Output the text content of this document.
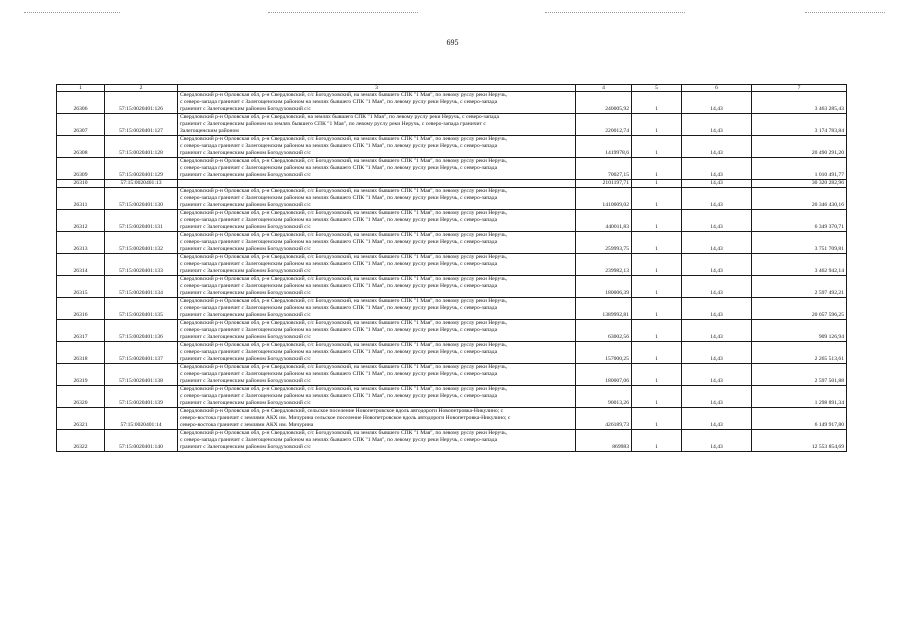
695
1	2	3	4	5	6	7
26306	57:15:0020401:126	Свердловский р-н Орловская обл, р-н Свердловский, с/с Богодуховский, на землях бывшего СПК "1 Мая", по левому руслу реки Неручь,
с северо-запада граничит с Залегощенским районом на землях бывшего СПК "1 Мая", по левому руслу реки Неручь, с северо-запада
граничит с Залегощенским районом Богодуховский с/с	240005,92	1	14,43	3 463 285,43
26307	57:15:0020401:127	Свердловский р-н Орловская обл, р-н Свердловский, на землях бывшего СПК "1 Мая", по левому руслу реки Неручь, с северо-запада
граничит с Залегощенским районом на землях бывшего СПК "1 Мая", по левому руслу реки Неручь, с северо-запада граничит с
Залегощенским районом	220012,74	1	14,43	3 174 783,84
26308	57:15:0020401:128	Свердловский р-н Орловская обл, р-н Свердловский, с/с Богодуховский, на землях бывшего СПК "1 Мая", по левому руслу реки Неручь,
с северо-запада граничит с Залегощенским районом на землях бывшего СПК "1 Мая", по левому руслу реки Неручь, с северо-запада
граничит с Залегощенским районом Богодуховский с/с	1419978,6	1	14,43	20 490 291,20
26309	57:15:0020401:129	Свердловский р-н Орловская обл, р-н Свердловский, с/с Богодуховский, на землях бывшего СПК "1 Мая", по левому руслу реки Неручь,
с северо-запада граничит с Залегощенским районом на землях бывшего СПК "1 Мая", по левому руслу реки Неручь, с северо-запада
граничит с Залегощенским районом Богодуховский с/с	70027,15	1	14,43	1 010 491,77
26310	57:15:0020401:13		2101197,71	1	14,43	30 320 282,96
26311	57:15:0020401:130	Свердловский р-н Орловская обл, р-н Свердловский, с/с Богодуховский, на землях бывшего СПК "1 Мая", по левому руслу реки Неручь,
с северо-запада граничит с Залегощенским районом на землях бывшего СПК "1 Мая", по левому руслу реки Неручь, с северо-запада
граничит с Залегощенским районом Богодуховский с/с	1410009,02	1	14,43	20 346 430,16
26312	57:15:0020401:131	Свердловский р-н Орловская обл, р-н Свердловский, с/с Богодуховский, на землях бывшего СПК "1 Мая", по левому руслу реки Неручь,
с северо-запада граничит с Залегощенским районом на землях бывшего СПК "1 Мая", по левому руслу реки Неручь, с северо-запада
граничит с Залегощенским районом Богодуховский с/с	440011,83	1	14,43	6 349 370,71
26313	57:15:0020401:132	Свердловский р-н Орловская обл, р-н Свердловский, с/с Богодуховский, на землях бывшего СПК "1 Мая", по левому руслу реки Неручь,
с северо-запада граничит с Залегощенским районом на землях бывшего СПК "1 Мая", по левому руслу реки Неручь, с северо-запада
граничит с Залегощенским районом Богодуховский с/с	259993,75	1	14,43	3 751 709,81
26314	57:15:0020401:133	Свердловский р-н Орловская обл, р-н Свердловский, с/с Богодуховский, на землях бывшего СПК "1 Мая", по левому руслу реки Неручь,
с северо-запада граничит с Залегощенским районом на землях бывшего СПК "1 Мая", по левому руслу реки Неручь, с северо-запада
граничит с Залегощенским районом Богодуховский с/с	239982,13	1	14,43	3 462 942,14
26315	57:15:0020401:134	Свердловский р-н Орловская обл, р-н Свердловский, с/с Богодуховский, на землях бывшего СПК "1 Мая", по левому руслу реки Неручь,
с северо-запада граничит с Залегощенским районом на землях бывшего СПК "1 Мая", по левому руслу реки Неручь, с северо-запада
граничит с Залегощенским районом Богодуховский с/с	180006,39	1	14,43	2 597 492,21
26316	57:15:0020401:135	Свердловский р-н Орловская обл, р-н Свердловский, с/с Богодуховский, на землях бывшего СПК "1 Мая", по левому руслу реки Неручь,
с северо-запада граничит с Залегощенским районом на землях бывшего СПК "1 Мая", по левому руслу реки Неручь, с северо-запада
граничит с Залегощенским районом Богодуховский с/с	1389992,81	1	14,43	20 057 596,25
26317	57:15:0020401:136	Свердловский р-н Орловская обл, р-н Свердловский, с/с Богодуховский, на землях бывшего СПК "1 Мая", по левому руслу реки Неручь,
с северо-запада граничит с Залегощенским районом на землях бывшего СПК "1 Мая", по левому руслу реки Неручь, с северо-запада
граничит с Залегощенским районом Богодуховский с/с	63002,56	1	14,43	909 126,94
26318	57:15:0020401:137	Свердловский р-н Орловская обл, р-н Свердловский, с/с Богодуховский, на землях бывшего СПК "1 Мая", по левому руслу реки Неручь,
с северо-запада граничит с Залегощенским районом на землях бывшего СПК "1 Мая", по левому руслу реки Неручь, с северо-запада
граничит с Залегощенским районом Богодуховский с/с	157000,25	1	14,43	2 265 513,61
26319	57:15:0020401:138	Свердловский р-н Орловская обл, р-н Свердловский, с/с Богодуховский, на землях бывшего СПК "1 Мая", по левому руслу реки Неручь,
с северо-запада граничит с Залегощенским районом на землях бывшего СПК "1 Мая", по левому руслу реки Неручь, с северо-запада
граничит с Залегощенским районом Богодуховский с/с	180007,06	1	14,43	2 597 501,88
26320	57:15:0020401:139	Свердловский р-н Орловская обл, р-н Свердловский, с/с Богодуховский, на землях бывшего СПК "1 Мая", по левому руслу реки Неручь,
с северо-запада граничит с Залегощенским районом на землях бывшего СПК "1 Мая", по левому руслу реки Неручь, с северо-запада
граничит с Залегощенским районом Богодуховский с/с	90013,26	1	14,43	1 298 891,34
26321	57:15:0020401:14	Свердловский р-н Орловская обл, р-н Свердловский, сельское поселение Новопетровское вдоль автодороги Новопетровка-Никулино; с
северо-востока граничит с землями АКХ им. Мичурина сельское поселение Новопетровское вдоль автодороги Новопетровка-Никулино; с
северо-востока граничит с землями АКХ им. Мичурина	426189,73	1	14,43	6 149 917,80
26322	57:15:0020401:140	Свердловский р-н Орловская обл, р-н Свердловский, с/с Богодуховский, на землях бывшего СПК "1 Мая", по левому руслу реки Неручь,
с северо-запада граничит с Залегощенским районом на землях бывшего СПК "1 Мая", по левому руслу реки Неручь, с северо-запада
граничит с Залегощенским районом Богодуховский с/с	869983	1	14,43	12 553 854,69
